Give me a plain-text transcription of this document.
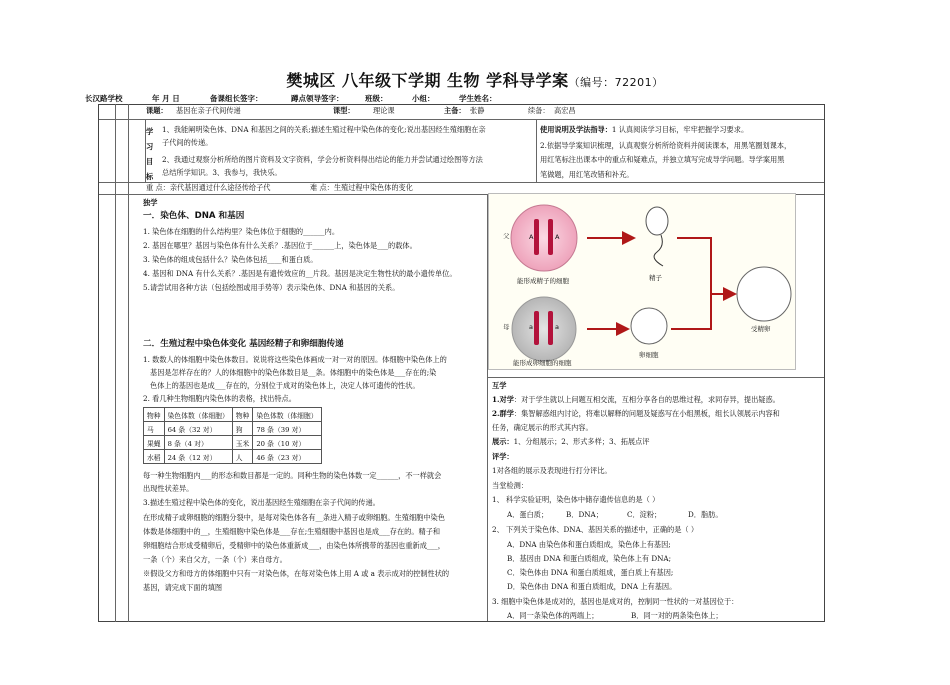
樊城区 八年级下学期 生物 学科导学案（编号：72201）
长汉路学校	年 月 日	备课组长签字：	蹲点领导签字：	班级：	小组：	学生姓名：
课题： 基因在亲子代间传递	课型：	理论课	主备： 张静	续备： 高宏昌
学
习
目
标
1、我能阐明染色体、DNA 和基因之间的关系;描述生殖过程中染色体的变化;说出基因经生殖细胞在亲
子代间的传递。
2、我通过观察分析所给的图片资料及文字资料，学会分析资料得出结论的能力并尝试通过绘图等方法
总结所学知识。3、我参与，我快乐。
使用说明及学法指导：1 认真阅读学习目标，牢牢把握学习要求。
2.依据导学案知识梳理，认真观察分析所给资料并阅读课本，用黑笔圈划课本，
用红笔标注出课本中的重点和疑难点，并独立填写完成导学问题。导学案用黑
笔做题，用红笔改错和补充。
重 点：亲代基因通过什么途径传给子代	难 点：生殖过程中染色体的变化
独学
一．染色体、DNA 和基因
1. 染色体在细胞的什么结构里？染色体位于细胞的______内。
2. 基因在哪里？基因与染色体有什么关系？.基因位于______上，染色体是___的载体。
3. 染色体的组成包括什么？染色体包括____和蛋白质。
4. 基因和 DNA 有什么关系？.基因是有遗传效应的__片段。基因是决定生物性状的最小遗传单位。
5.请尝试用各种方法（包括绘图或用手势等）表示染色体、DNA 和基因的关系。
二．生殖过程中染色体变化 基因经精子和卵细胞传递
1. 数数人的体细胞中染色体数目。说说将这些染色体画成一对一对的原因。体细胞中染色体上的
基因是怎样存在的？人的体细胞中的染色体数目是__条。体细胞中的染色体是___存在的;染
色体上的基因也是成___存在的，分别位于成对的染色体上，决定人体可遗传的性状。
2. 看几种生物细胞内染色体的表格，找出特点。
物种	染色体数（体细胞）	物种	染色体数（体细胞）
马	64 条（32 对）	狗	78 条（39 对）
果蝇	8 条（4 对）	玉米	20 条（10 对）
水稻	24 条（12 对）	人	46 条（23 对）
每一种生物细胞内___的形态和数目都是一定的。同种生物的染色体数一定______，不一样就会
出现性状差异。
3.描述生殖过程中染色体的变化，说出基因经生殖细胞在亲子代间的传递。
在形成精子或卵细胞的细胞分裂中，是每对染色体各有__条进入精子或卵细胞。生殖细胞中染色
体数是体细胞中的__，生殖细胞中染色体是___存在;生殖细胞中基因也是成___存在的。精子和
卵细胞结合形成受精卵后，受精卵中的染色体重新成___，由染色体所携带的基因也重新成___，
一条（个）来自父方，一条（个）来自母方。
※假设父方和母方的体细胞中只有一对染色体，在每对染色体上用 A 或 a 表示成对的控制性状的
基因，请完成下面的填图
父
母
A	A
a	a
能形成精子的细胞
能形成卵细胞的细胞
精子
卵细胞
受精卵
互学
1.对学：对于学生就以上问题互相交流，互相分享各自的思维过程，求同存异，提出疑惑。
2.群学：集智解惑组内讨论，将难以解释的问题及疑惑写在小组黑板，组长认领展示内容和
任务，确定展示的形式其内容。
展示：1、分组展示；2、形式多样；3、拓展点评
评学：
1对各组的展示及表现进行打分评比。
当堂检测：
1、 科学实验证明，染色体中储存遗传信息的是（ ）
A．蛋白质； B．DNA；	C．淀粉；	D．脂肪。
2、 下列关于染色体、DNA、基因关系的描述中，正确的是（ ）
A．DNA 由染色体和蛋白质组成，染色体上有基因;
B．基因由 DNA 和蛋白质组成，染色体上有 DNA;
C．染色体由 DNA 和蛋白质组成，蛋白质上有基因;
D．染色体由 DNA 和蛋白质组成，DNA 上有基因。
3. 细胞中染色体是成对的，基因也是成对的，控制同一性状的一对基因位于：
A．同一条染色体的两端上；	B．同一对的两条染色体上；
